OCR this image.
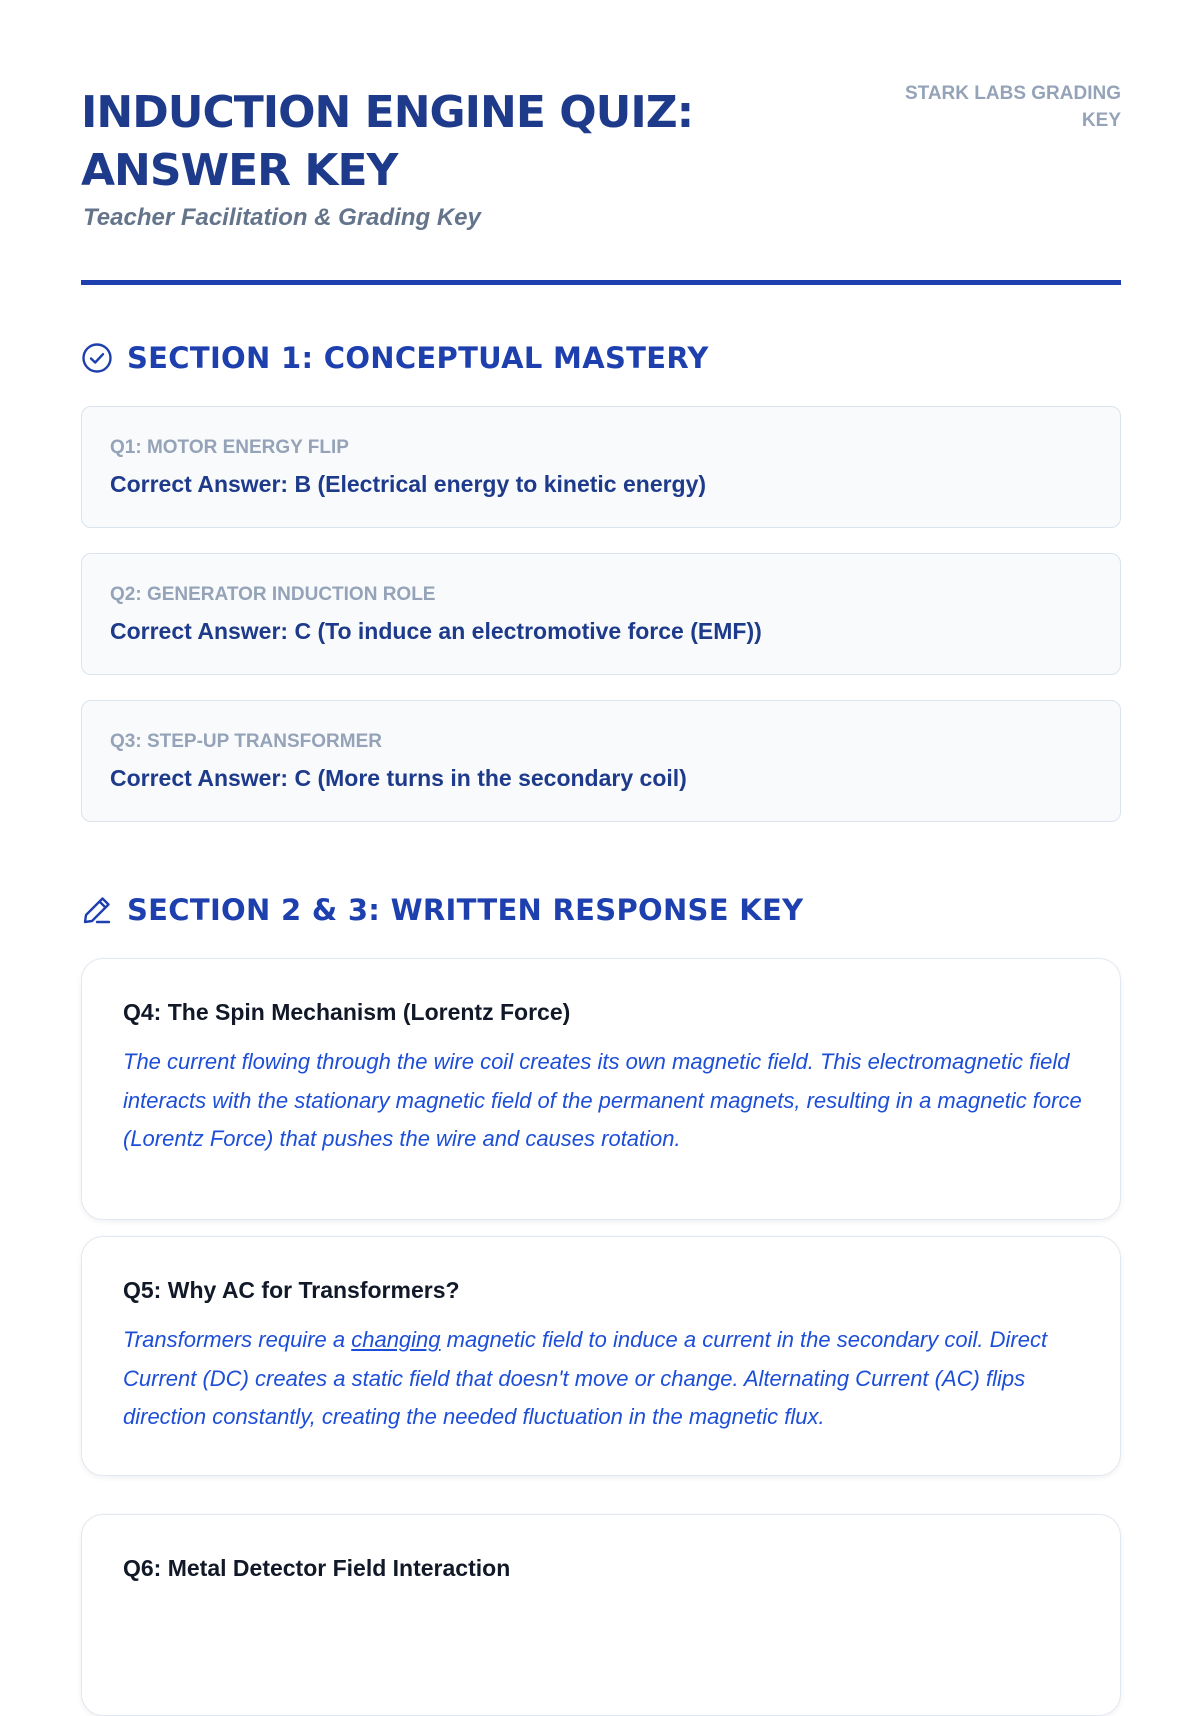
INDUCTION ENGINE QUIZ: ANSWER KEY

Teacher Facilitation & Grading Key

STARK LABS GRADING KEY
SECTION 1: CONCEPTUAL MASTERY
Q1: MOTOR ENERGY FLIP
Correct Answer: B (Electrical energy to kinetic energy)
Q2: GENERATOR INDUCTION ROLE
Correct Answer: C (To induce an electromotive force (EMF))
Q3: STEP-UP TRANSFORMER
Correct Answer: C (More turns in the secondary coil)
SECTION 2 & 3: WRITTEN RESPONSE KEY
Q4: The Spin Mechanism (Lorentz Force)

The current flowing through the wire coil creates its own magnetic field. This electromagnetic field interacts with the stationary magnetic field of the permanent magnets, resulting in a magnetic force (Lorentz Force) that pushes the wire and causes rotation.

Q5: Why AC for Transformers?

Transformers require a changing magnetic field to induce a current in the secondary coil. Direct Current (DC) creates a static field that doesn't move or change. Alternating Current (AC) flips direction constantly, creating the needed fluctuation in the magnetic flux.

Q6: Metal Detector Field Interaction
